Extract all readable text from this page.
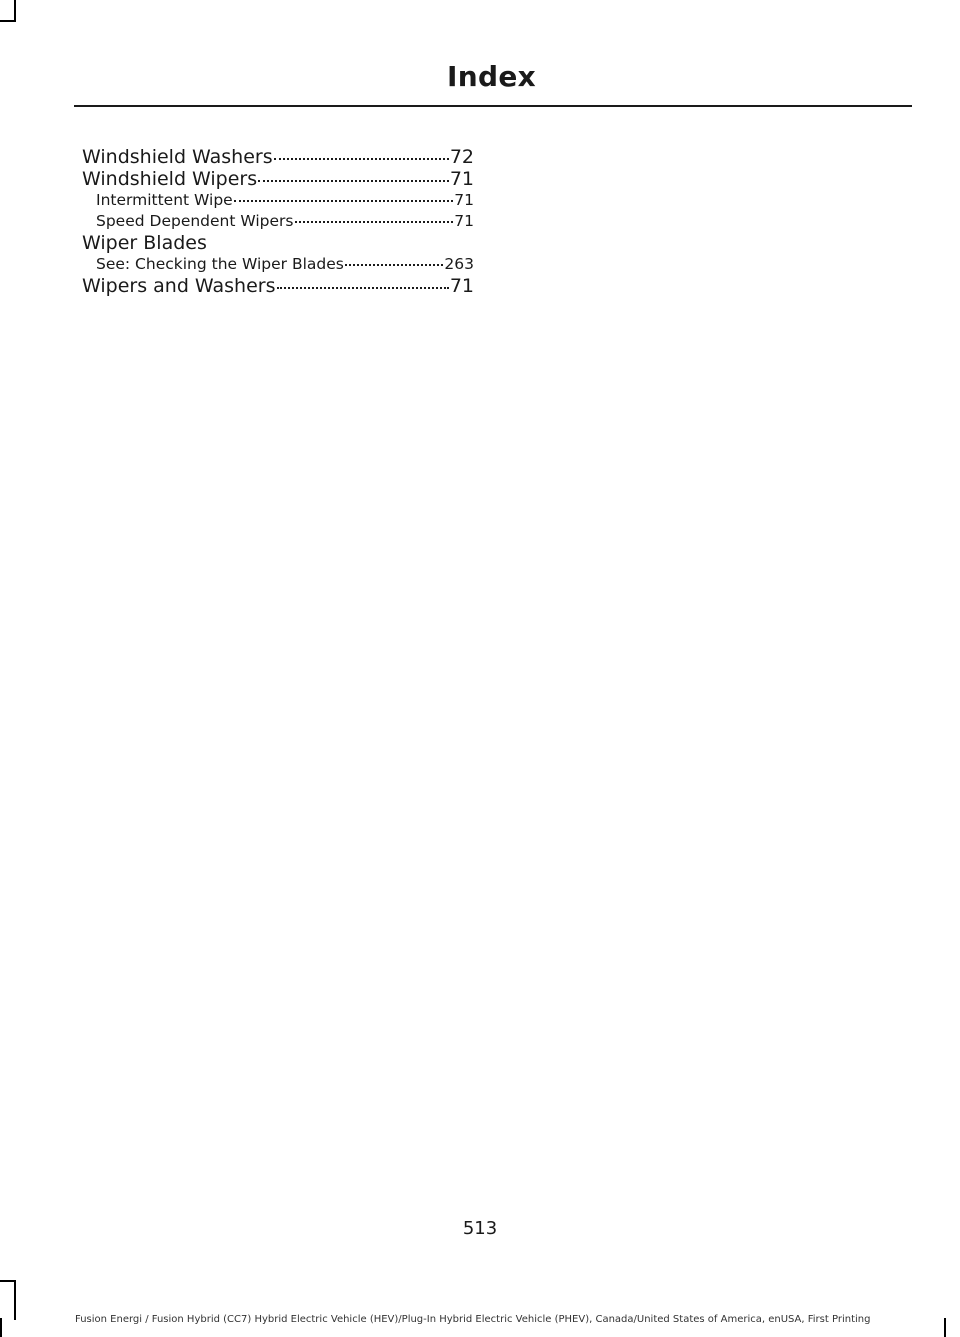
Index
Windshield Washers	72
Windshield Wipers	71
Intermittent Wipe	71
Speed Dependent Wipers	71
Wiper Blades
See: Checking the Wiper Blades	263
Wipers and Washers	71
513
Fusion Energi / Fusion Hybrid (CC7) Hybrid Electric Vehicle (HEV)/Plug-In Hybrid Electric Vehicle (PHEV), Canada/United States of America, enUSA, First Printing
